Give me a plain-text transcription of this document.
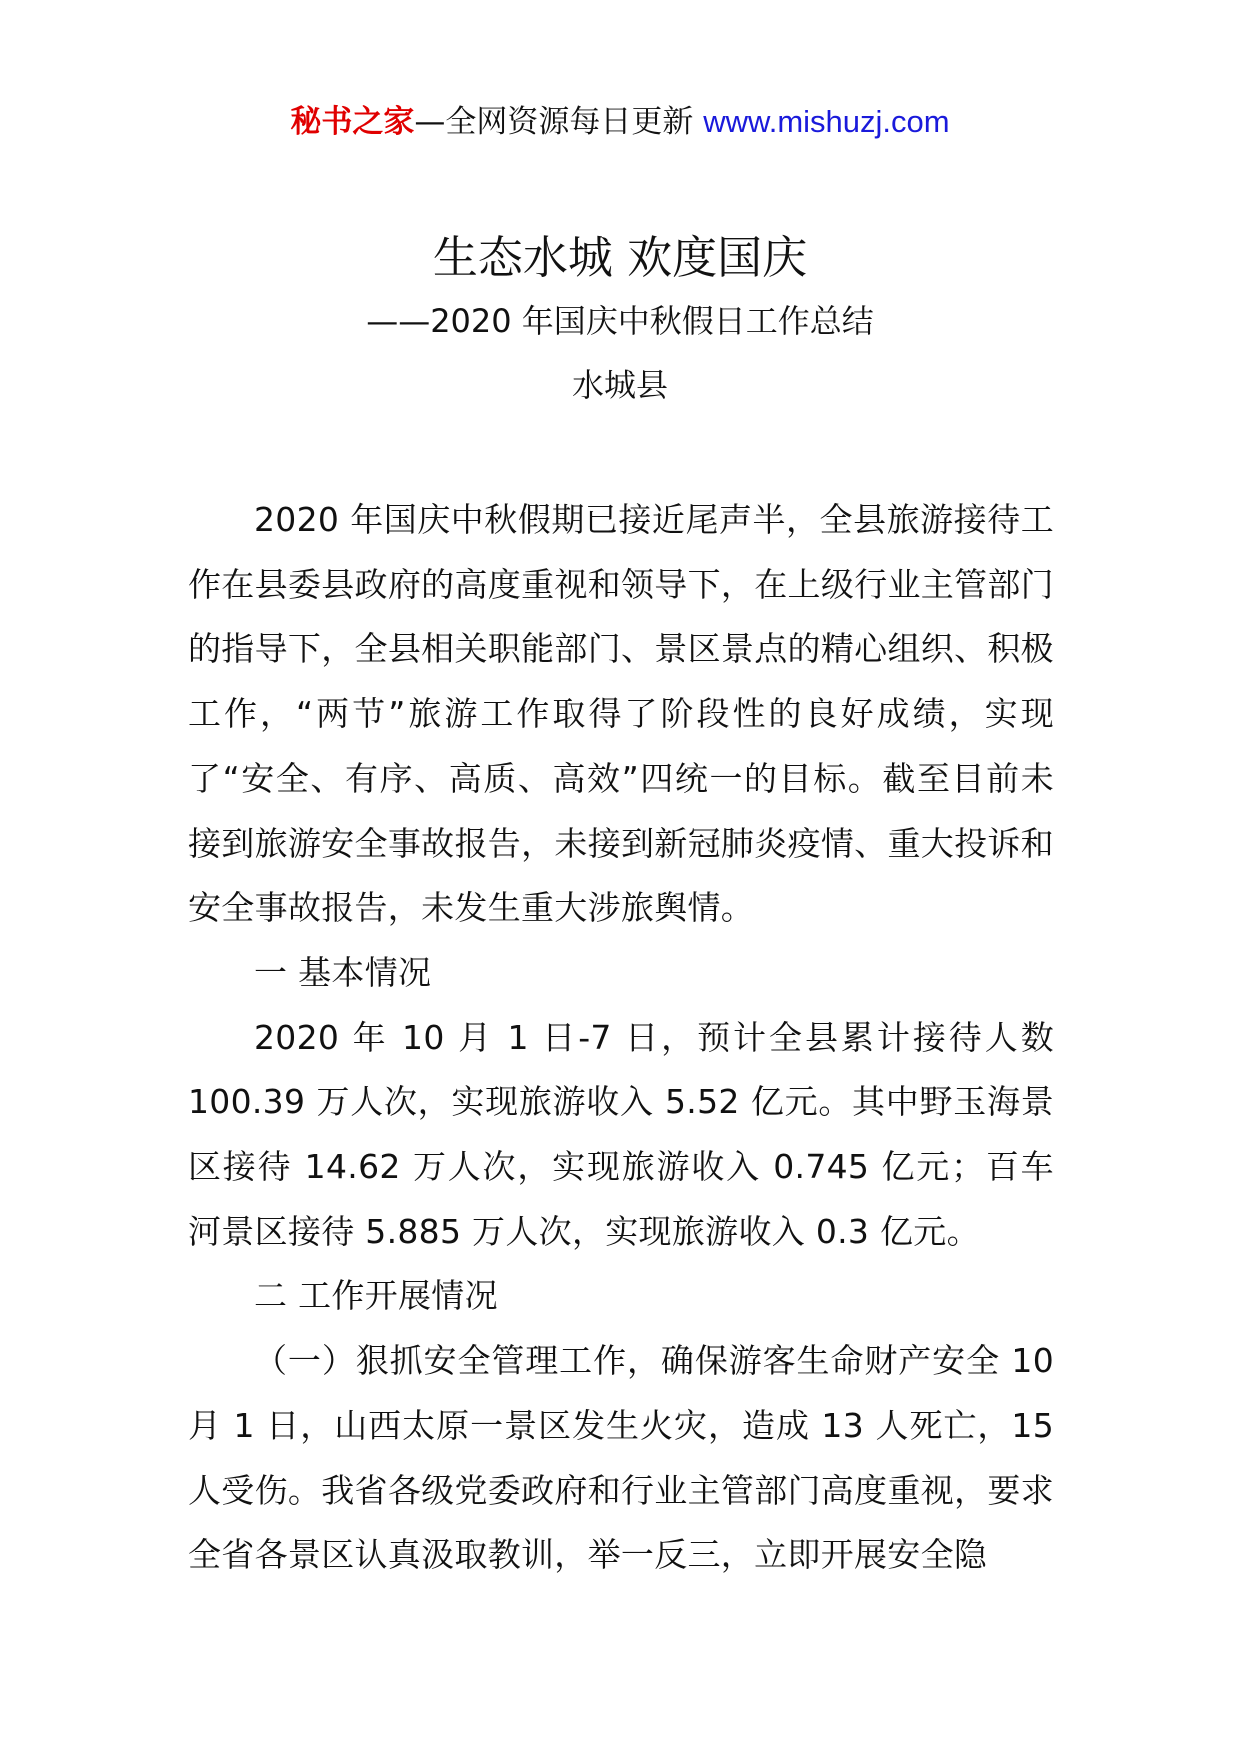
秘书之家—全网资源每日更新 www.mishuzj.com
生态水城 欢度国庆
——2020 年国庆中秋假日工作总结
水城县

2020 年国庆中秋假期已接近尾声半，全县旅游接待工作在县委县政府的高度重视和领导下，在上级行业主管部门的指导下，全县相关职能部门、景区景点的精心组织、积极工作，“两节”旅游工作取得了阶段性的良好成绩，实现了“安全、有序、高质、高效”四统一的目标。截至目前未接到旅游安全事故报告，未接到新冠肺炎疫情、重大投诉和安全事故报告，未发生重大涉旅舆情。

一 基本情况

2020 年 10 月 1 日-7 日，预计全县累计接待人数 100.39 万人次，实现旅游收入 5.52 亿元。其中野玉海景区接待 14.62 万人次，实现旅游收入 0.745 亿元；百车河景区接待 5.885 万人次，实现旅游收入 0.3 亿元。

二 工作开展情况

（一）狠抓安全管理工作，确保游客生命财产安全 10 月 1 日，山西太原一景区发生火灾，造成 13 人死亡，15 人受伤。我省各级党委政府和行业主管部门高度重视，要求全省各景区认真汲取教训，举一反三，立即开展安全隐
